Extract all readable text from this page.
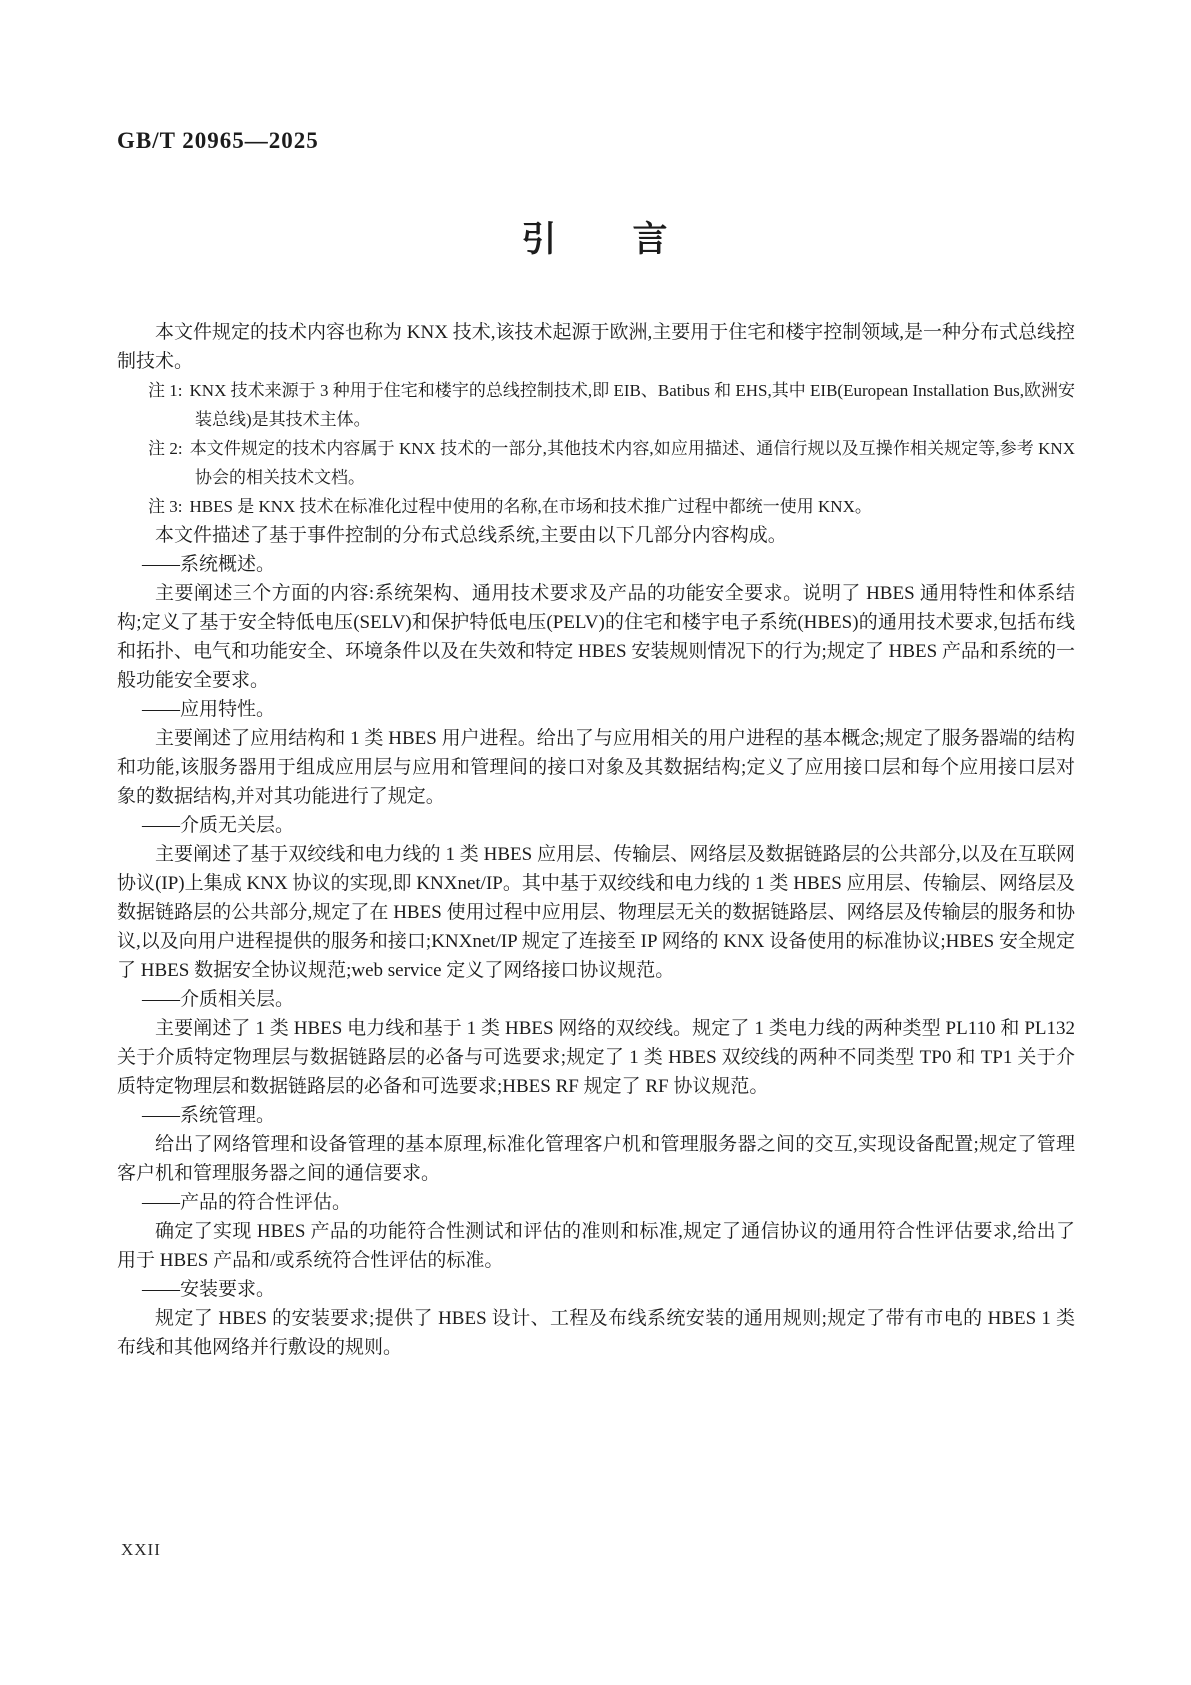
GB/T 20965—2025
引　　言

本文件规定的技术内容也称为 KNX 技术,该技术起源于欧洲,主要用于住宅和楼宇控制领域,是一种分布式总线控制技术。

注 1: KNX 技术来源于 3 种用于住宅和楼宇的总线控制技术,即 EIB、Batibus 和 EHS,其中 EIB(European Installation Bus,欧洲安装总线)是其技术主体。

注 2: 本文件规定的技术内容属于 KNX 技术的一部分,其他技术内容,如应用描述、通信行规以及互操作相关规定等,参考 KNX 协会的相关技术文档。

注 3: HBES 是 KNX 技术在标准化过程中使用的名称,在市场和技术推广过程中都统一使用 KNX。

本文件描述了基于事件控制的分布式总线系统,主要由以下几部分内容构成。

——系统概述。

主要阐述三个方面的内容:系统架构、通用技术要求及产品的功能安全要求。说明了 HBES 通用特性和体系结构;定义了基于安全特低电压(SELV)和保护特低电压(PELV)的住宅和楼宇电子系统(HBES)的通用技术要求,包括布线和拓扑、电气和功能安全、环境条件以及在失效和特定 HBES 安装规则情况下的行为;规定了 HBES 产品和系统的一般功能安全要求。

——应用特性。

主要阐述了应用结构和 1 类 HBES 用户进程。给出了与应用相关的用户进程的基本概念;规定了服务器端的结构和功能,该服务器用于组成应用层与应用和管理间的接口对象及其数据结构;定义了应用接口层和每个应用接口层对象的数据结构,并对其功能进行了规定。

——介质无关层。

主要阐述了基于双绞线和电力线的 1 类 HBES 应用层、传输层、网络层及数据链路层的公共部分,以及在互联网协议(IP)上集成 KNX 协议的实现,即 KNXnet/IP。其中基于双绞线和电力线的 1 类 HBES 应用层、传输层、网络层及数据链路层的公共部分,规定了在 HBES 使用过程中应用层、物理层无关的数据链路层、网络层及传输层的服务和协议,以及向用户进程提供的服务和接口;KNXnet/IP 规定了连接至 IP 网络的 KNX 设备使用的标准协议;HBES 安全规定了 HBES 数据安全协议规范;web service 定义了网络接口协议规范。

——介质相关层。

主要阐述了 1 类 HBES 电力线和基于 1 类 HBES 网络的双绞线。规定了 1 类电力线的两种类型 PL110 和 PL132 关于介质特定物理层与数据链路层的必备与可选要求;规定了 1 类 HBES 双绞线的两种不同类型 TP0 和 TP1 关于介质特定物理层和数据链路层的必备和可选要求;HBES RF 规定了 RF 协议规范。

——系统管理。

给出了网络管理和设备管理的基本原理,标准化管理客户机和管理服务器之间的交互,实现设备配置;规定了管理客户机和管理服务器之间的通信要求。

——产品的符合性评估。

确定了实现 HBES 产品的功能符合性测试和评估的准则和标准,规定了通信协议的通用符合性评估要求,给出了用于 HBES 产品和/或系统符合性评估的标准。

——安装要求。

规定了 HBES 的安装要求;提供了 HBES 设计、工程及布线系统安装的通用规则;规定了带有市电的 HBES 1 类布线和其他网络并行敷设的规则。

XXII
